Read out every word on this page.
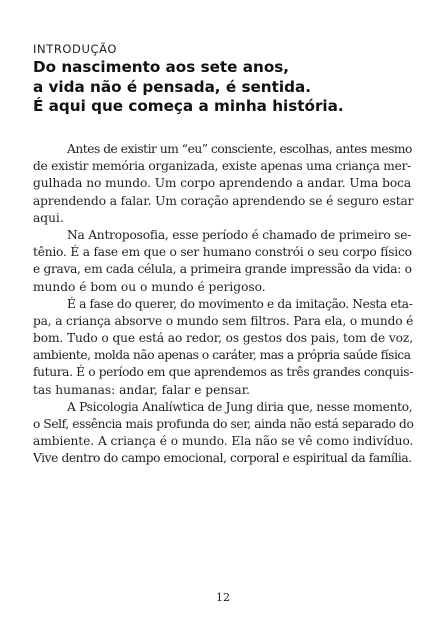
INTRODUÇÃO
Do nascimento aos sete anos,
a vida não é pensada, é sentida.
É aqui que começa a minha história.
Antes de existir um “eu” consciente, escolhas, antes mesmo
de existir memória organizada, existe apenas uma criança mer-
gulhada no mundo. Um corpo aprendendo a andar. Uma boca
aprendendo a falar. Um coração aprendendo se é seguro estar
aqui.
Na Antroposofia, esse período é chamado de primeiro se-
tênio. É a fase em que o ser humano constrói o seu corpo físico
e grava, em cada célula, a primeira grande impressão da vida: o
mundo é bom ou o mundo é perigoso.
É a fase do querer, do movimento e da imitação. Nesta eta-
pa, a criança absorve o mundo sem filtros. Para ela, o mundo é
bom. Tudo o que está ao redor, os gestos dos pais, tom de voz,
ambiente, molda não apenas o caráter, mas a própria saúde física
futura. É o período em que aprendemos as três grandes conquis-
tas humanas: andar, falar e pensar.
A Psicologia Analíwtica de Jung diria que, nesse momento,
o Self, essência mais profunda do ser, ainda não está separado do
ambiente. A criança é o mundo. Ela não se vê como indivíduo.
Vive dentro do campo emocional, corporal e espiritual da família.
12
